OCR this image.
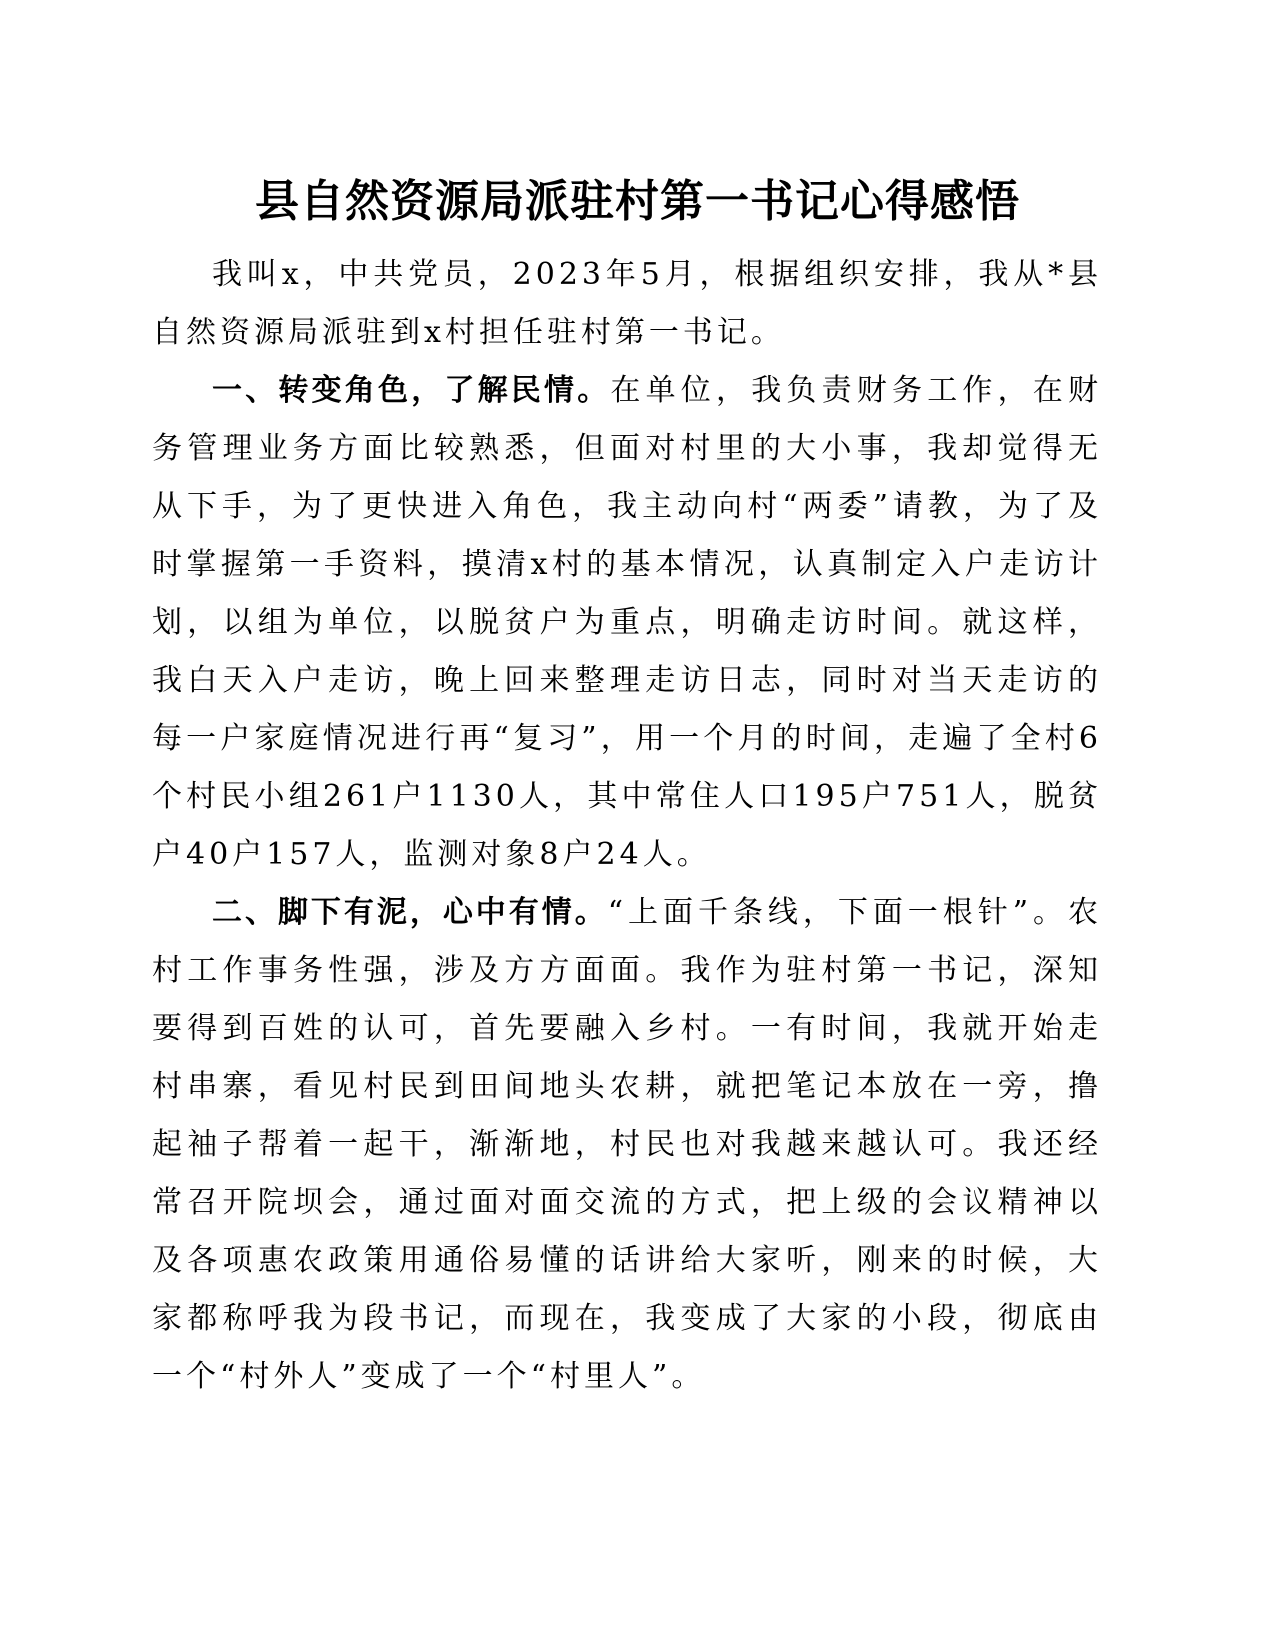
县自然资源局派驻村第一书记心得感悟

我叫x，中共党员，2023年5月，根据组织安排，我从*县自然资源局派驻到x村担任驻村第一书记。

一、转变角色，了解民情。在单位，我负责财务工作，在财务管理业务方面比较熟悉，但面对村里的大小事，我却觉得无从下手，为了更快进入角色，我主动向村“两委”请教，为了及时掌握第一手资料，摸清x村的基本情况，认真制定入户走访计划，以组为单位，以脱贫户为重点，明确走访时间。就这样，我白天入户走访，晚上回来整理走访日志，同时对当天走访的每一户家庭情况进行再“复习”，用一个月的时间，走遍了全村6个村民小组261户1130人，其中常住人口195户751人，脱贫户40户157人，监测对象8户24人。

二、脚下有泥，心中有情。“上面千条线，下面一根针”。农村工作事务性强，涉及方方面面。我作为驻村第一书记，深知要得到百姓的认可，首先要融入乡村。一有时间，我就开始走村串寨，看见村民到田间地头农耕，就把笔记本放在一旁，撸起袖子帮着一起干，渐渐地，村民也对我越来越认可。我还经常召开院坝会，通过面对面交流的方式，把上级的会议精神以及各项惠农政策用通俗易懂的话讲给大家听，刚来的时候，大家都称呼我为段书记，而现在，我变成了大家的小段，彻底由一个“村外人”变成了一个“村里人”。
